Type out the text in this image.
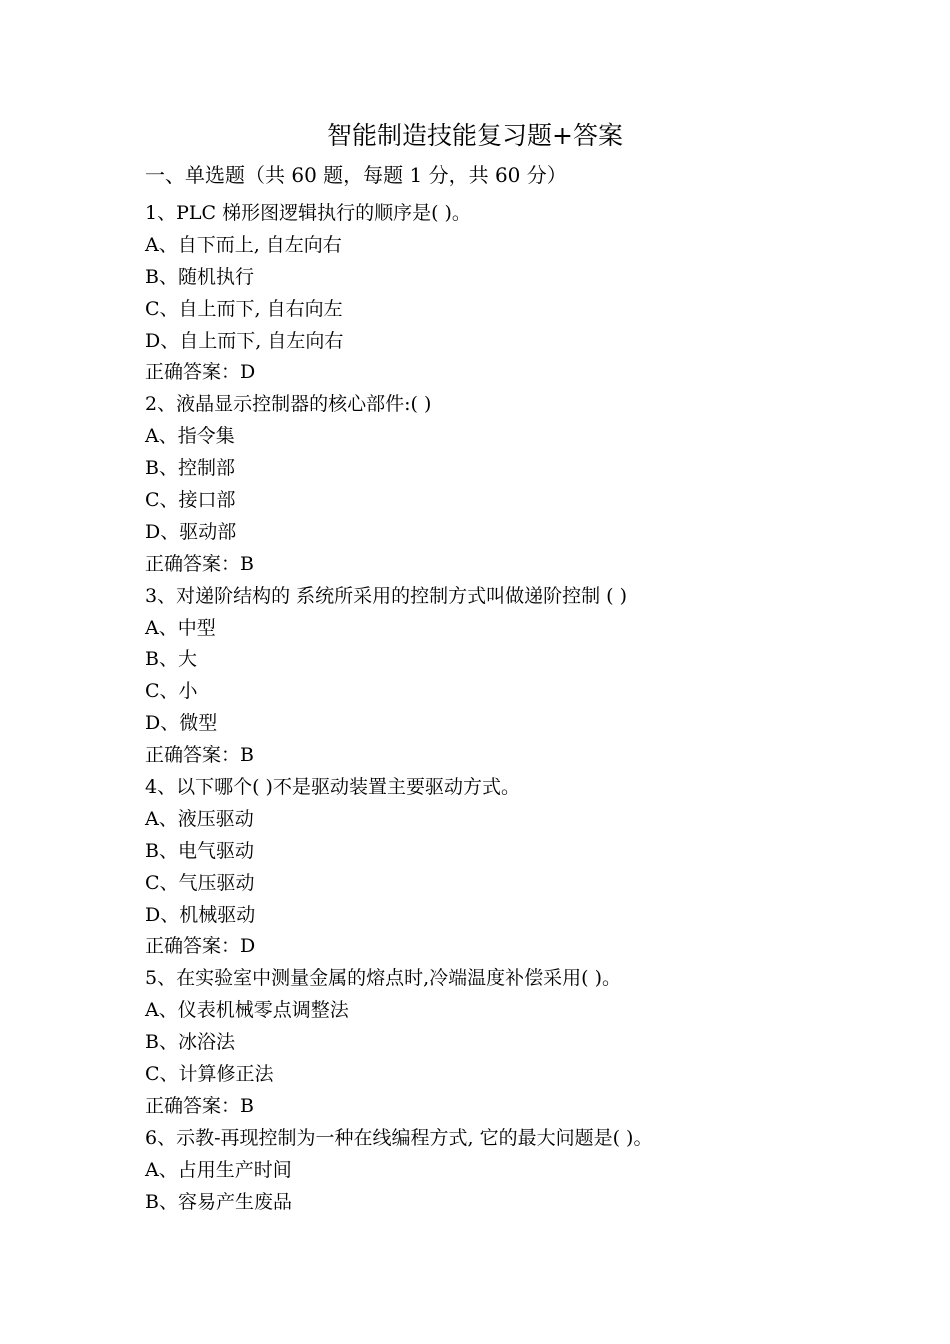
智能制造技能复习题+答案
一、单选题（共 60 题，每题 1 分，共 60 分）
1、PLC 梯形图逻辑执行的顺序是( )。
A、自下而上, 自左向右
B、随机执行
C、自上而下, 自右向左
D、自上而下, 自左向右
正确答案：D
2、液晶显示控制器的核心部件:( )
A、指令集
B、控制部
C、接口部
D、驱动部
正确答案：B
3、对递阶结构的 系统所采用的控制方式叫做递阶控制 ( )
A、中型
B、大
C、小
D、微型
正确答案：B
4、以下哪个( )不是驱动装置主要驱动方式。
A、液压驱动
B、电气驱动
C、气压驱动
D、机械驱动
正确答案：D
5、在实验室中测量金属的熔点时,冷端温度补偿采用( )。
A、仪表机械零点调整法
B、冰浴法
C、计算修正法
正确答案：B
6、示教-再现控制为一种在线编程方式, 它的最大问题是( )。
A、占用生产时间
B、容易产生废品
